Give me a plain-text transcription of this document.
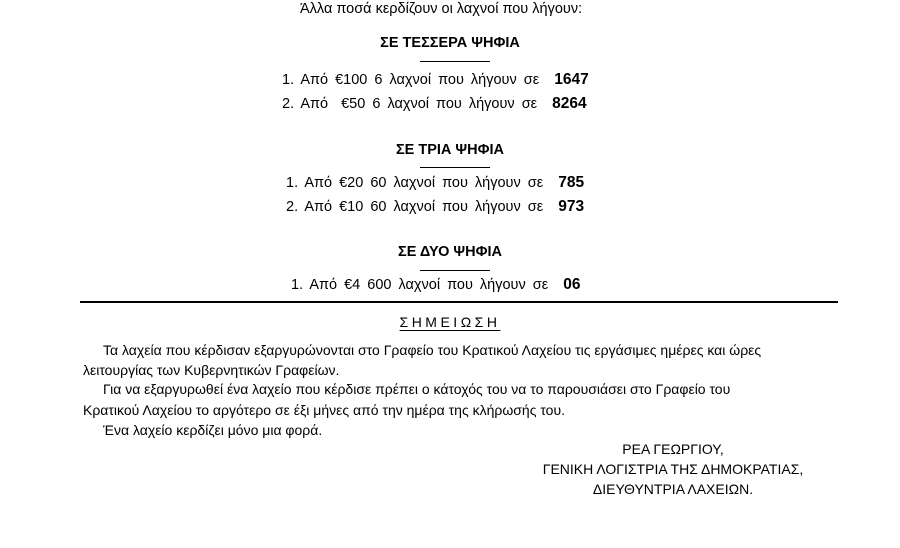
Άλλα ποσά κερδίζουν οι λαχνοί που λήγουν:
ΣΕ ΤΕΣΣΕΡΑ ΨΗΦΙΑ
1. Από €100 6 λαχνοί που λήγουν σε 1647
2. Από €50 6 λαχνοί που λήγουν σε 8264
ΣΕ ΤΡΙΑ ΨΗΦΙΑ
1. Από €20 60 λαχνοί που λήγουν σε 785
2. Από €10 60 λαχνοί που λήγουν σε 973
ΣΕ ΔΥΟ ΨΗΦΙΑ
1. Από €4 600 λαχνοί που λήγουν σε 06
ΣΗΜΕΙΩΣΗ
Τα λαχεία που κέρδισαν εξαργυρώνονται στο Γραφείο του Κρατικού Λαχείου τις εργάσιμες ημέρες και ώρες
λειτουργίας των Κυβερνητικών Γραφείων.
Για να εξαργυρωθεί ένα λαχείο που κέρδισε πρέπει ο κάτοχός του να το παρουσιάσει στο Γραφείο του
Κρατικού Λαχείου το αργότερο σε έξι μήνες από την ημέρα της κλήρωσής του.
Ένα λαχείο κερδίζει μόνο μια φορά.
ΡΕΑ ΓΕΩΡΓΙΟΥ,
ΓΕΝΙΚΗ ΛΟΓΙΣΤΡΙΑ ΤΗΣ ΔΗΜΟΚΡΑΤΙΑΣ,
ΔΙΕΥΘΥΝΤΡΙΑ ΛΑΧΕΙΩΝ.
